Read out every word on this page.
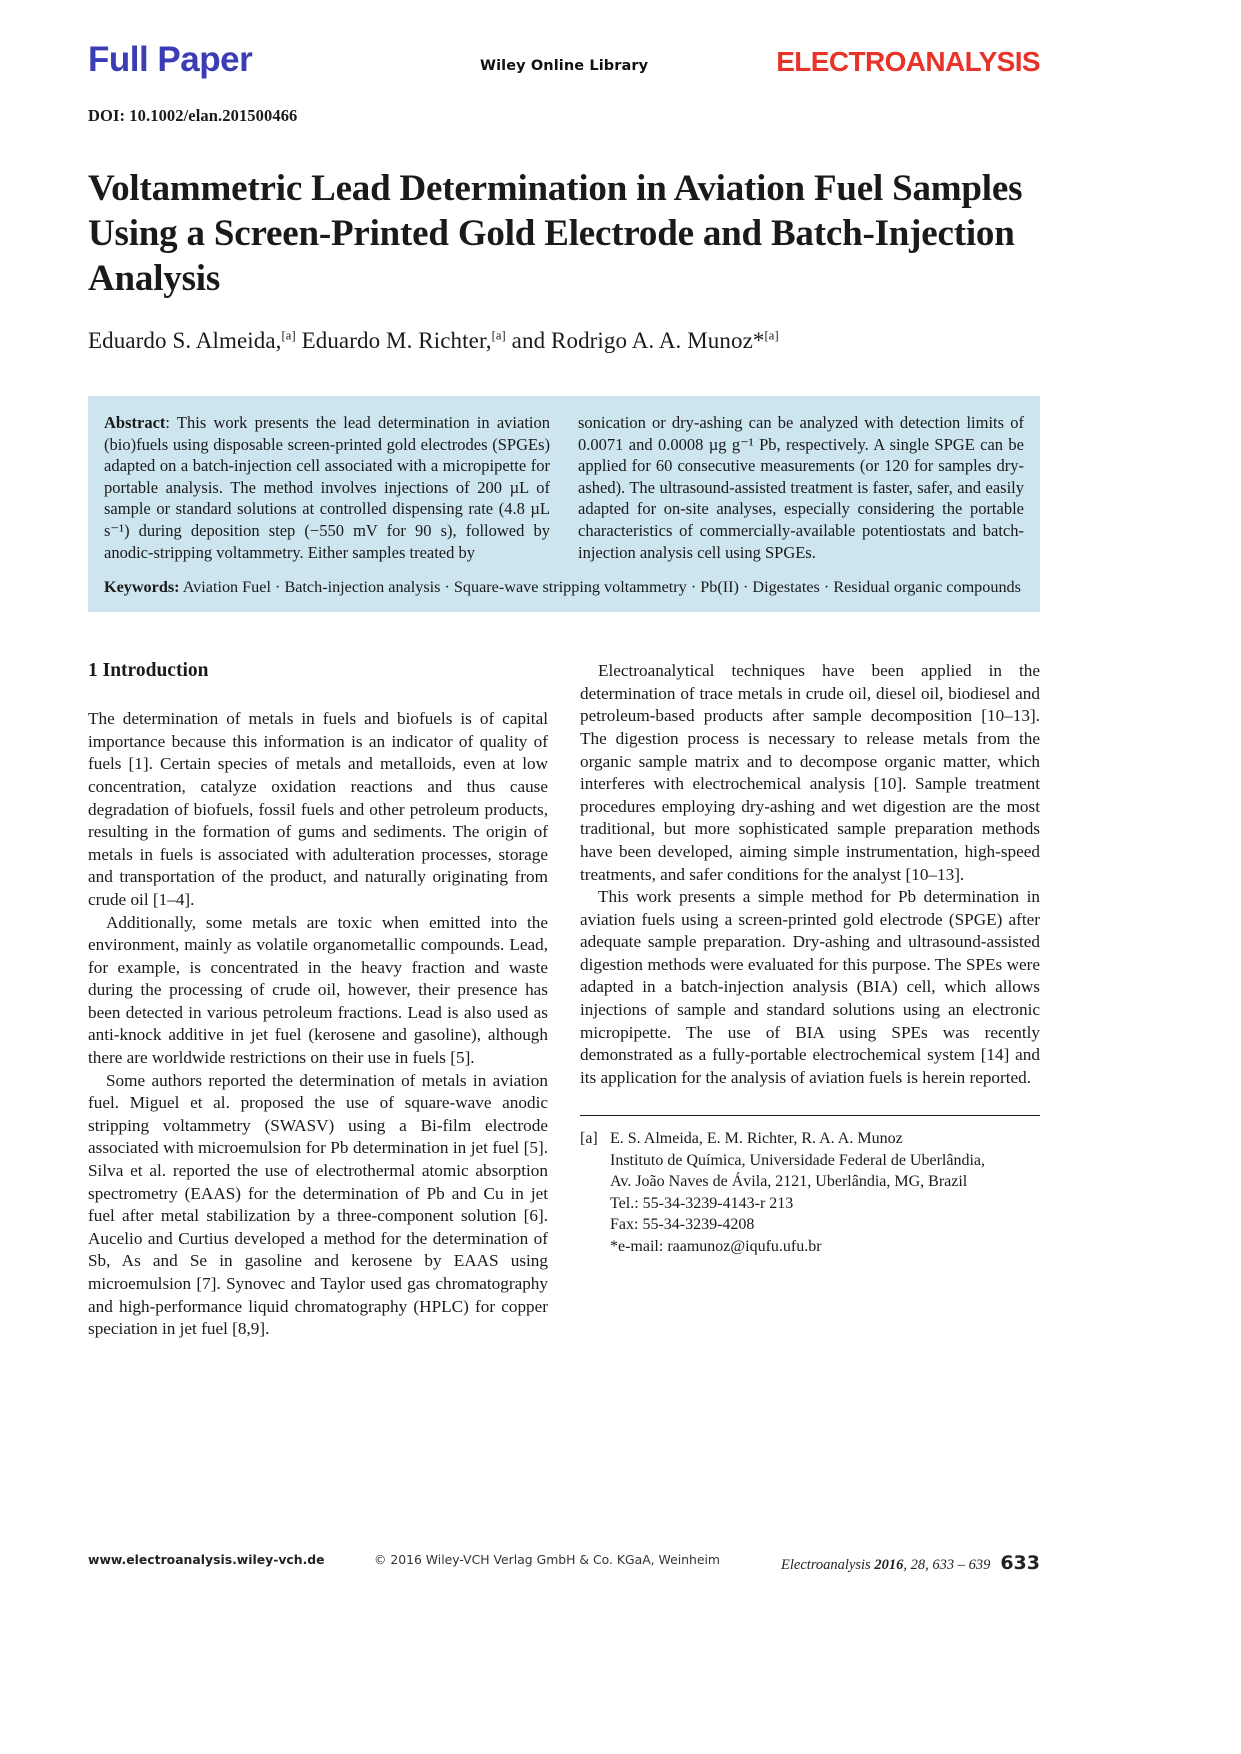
Full Paper	Wiley Online Library	ELECTROANALYSIS
DOI: 10.1002/elan.201500466
Voltammetric Lead Determination in Aviation Fuel Samples Using a Screen-Printed Gold Electrode and Batch-Injection Analysis
Eduardo S. Almeida,[a] Eduardo M. Richter,[a] and Rodrigo A. A. Munoz*[a]
Abstract: This work presents the lead determination in aviation (bio)fuels using disposable screen-printed gold electrodes (SPGEs) adapted on a batch-injection cell associated with a micropipette for portable analysis. The method involves injections of 200 µL of sample or standard solutions at controlled dispensing rate (4.8 µL s⁻¹) during deposition step (−550 mV for 90 s), followed by anodic-stripping voltammetry. Either samples treated by
sonication or dry-ashing can be analyzed with detection limits of 0.0071 and 0.0008 µg g⁻¹ Pb, respectively. A single SPGE can be applied for 60 consecutive measurements (or 120 for samples dry-ashed). The ultrasound-assisted treatment is faster, safer, and easily adapted for on-site analyses, especially considering the portable characteristics of commercially-available potentiostats and batch-injection analysis cell using SPGEs.
Keywords: Aviation Fuel · Batch-injection analysis · Square-wave stripping voltammetry · Pb(II) · Digestates · Residual organic compounds
1 Introduction

The determination of metals in fuels and biofuels is of capital importance because this information is an indicator of quality of fuels [1]. Certain species of metals and metalloids, even at low concentration, catalyze oxidation reactions and thus cause degradation of biofuels, fossil fuels and other petroleum products, resulting in the formation of gums and sediments. The origin of metals in fuels is associated with adulteration processes, storage and transportation of the product, and naturally originating from crude oil [1–4].

Additionally, some metals are toxic when emitted into the environment, mainly as volatile organometallic compounds. Lead, for example, is concentrated in the heavy fraction and waste during the processing of crude oil, however, their presence has been detected in various petroleum fractions. Lead is also used as anti-knock additive in jet fuel (kerosene and gasoline), although there are worldwide restrictions on their use in fuels [5].

Some authors reported the determination of metals in aviation fuel. Miguel et al. proposed the use of square-wave anodic stripping voltammetry (SWASV) using a Bi-film electrode associated with microemulsion for Pb determination in jet fuel [5]. Silva et al. reported the use of electrothermal atomic absorption spectrometry (EAAS) for the determination of Pb and Cu in jet fuel after metal stabilization by a three-component solution [6]. Aucelio and Curtius developed a method for the determination of Sb, As and Se in gasoline and kerosene by EAAS using microemulsion [7]. Synovec and Taylor used gas chromatography and high-performance liquid chromatography (HPLC) for copper speciation in jet fuel [8,9].

Electroanalytical techniques have been applied in the determination of trace metals in crude oil, diesel oil, biodiesel and petroleum-based products after sample decomposition [10–13]. The digestion process is necessary to release metals from the organic sample matrix and to decompose organic matter, which interferes with electrochemical analysis [10]. Sample treatment procedures employing dry-ashing and wet digestion are the most traditional, but more sophisticated sample preparation methods have been developed, aiming simple instrumentation, high-speed treatments, and safer conditions for the analyst [10–13].

This work presents a simple method for Pb determination in aviation fuels using a screen-printed gold electrode (SPGE) after adequate sample preparation. Dry-ashing and ultrasound-assisted digestion methods were evaluated for this purpose. The SPEs were adapted in a batch-injection analysis (BIA) cell, which allows injections of sample and standard solutions using an electronic micropipette. The use of BIA using SPEs was recently demonstrated as a fully-portable electrochemical system [14] and its application for the analysis of aviation fuels is herein reported.

[a] E. S. Almeida, E. M. Richter, R. A. A. Munoz
Instituto de Química, Universidade Federal de Uberlândia,
Av. João Naves de Ávila, 2121, Uberlândia, MG, Brazil
Tel.: 55-34-3239-4143-r 213
Fax: 55-34-3239-4208
*e-mail: raamunoz@iqufu.ufu.br
www.electroanalysis.wiley-vch.de	© 2016 Wiley-VCH Verlag GmbH & Co. KGaA, Weinheim	Electroanalysis 2016, 28, 633 – 639 633
